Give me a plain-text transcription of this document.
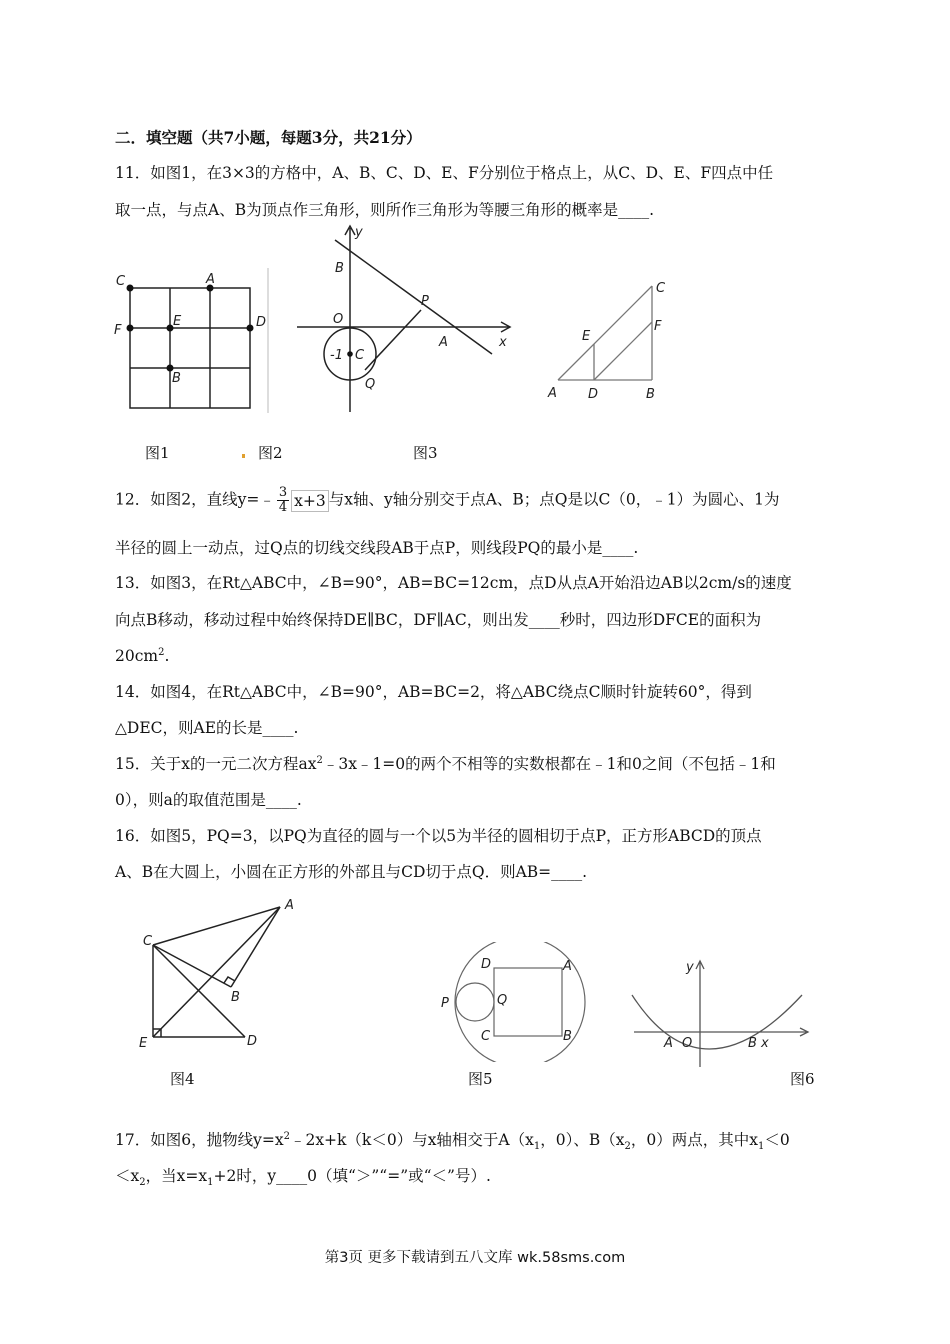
二．填空题（共7小题，每题3分，共21分）
11．如图1，在3×3的方格中，A、B、C、D、E、F分别位于格点上，从C、D、E、F四点中任
取一点，与点A、B为顶点作三角形，则所作三角形为等腰三角形的概率是____.
C	A
F
E	D
B
y
x
B
P
O
A
-1 C
Q
C
E
F
A D	B
图1	图2	图3
12．如图2，直线y=﹣ $\frac{3}{4} x+3$ 与x轴、y轴分别交于点A、B；点Q是以C（0，﹣1）为圆心、1为
半径的圆上一动点，过Q点的切线交线段AB于点P，则线段PQ的最小是____.
13．如图3，在Rt△ABC中，∠B=90°，AB=BC=12cm，点D从点A开始沿边AB以2cm/s的速度
向点B移动，移动过程中始终保持DE∥BC，DF∥AC，则出发____秒时，四边形DFCE的面积为
$20cm^2$.
14．如图4，在Rt△ABC中，∠B=90°，AB=BC=2，将△ABC绕点C顺时针旋转60°，得到
△DEC，则AE的长是____.
15．关于x的一元二次方程$ax^2﹣3x﹣1=0$的两个不相等的实数根都在﹣1和0之间（不包括﹣1和
0），则a的取值范围是____.
16．如图5，PQ=3，以PQ为直径的圆与一个以5为半径的圆相切于点P，正方形ABCD的顶点
A、B在大圆上，小圆在正方形的外部且与CD切于点Q．则AB=____.
A
C
B
E	D
D	A
P	Q
C	B
y
A O	B x
图4	图5	图6
17．如图6，抛物线$y=x^2﹣2x+k(k<0)$与x轴相交于$A(x_1$，0）、$B(x_2$，0）两点，其中$x_1<0$
$<x_2$，当$x=x_1+2$时，y____0（填“＞”“=”或“＜”号）.
第3页 更多下载请到五八文库 wk.58sms.com
